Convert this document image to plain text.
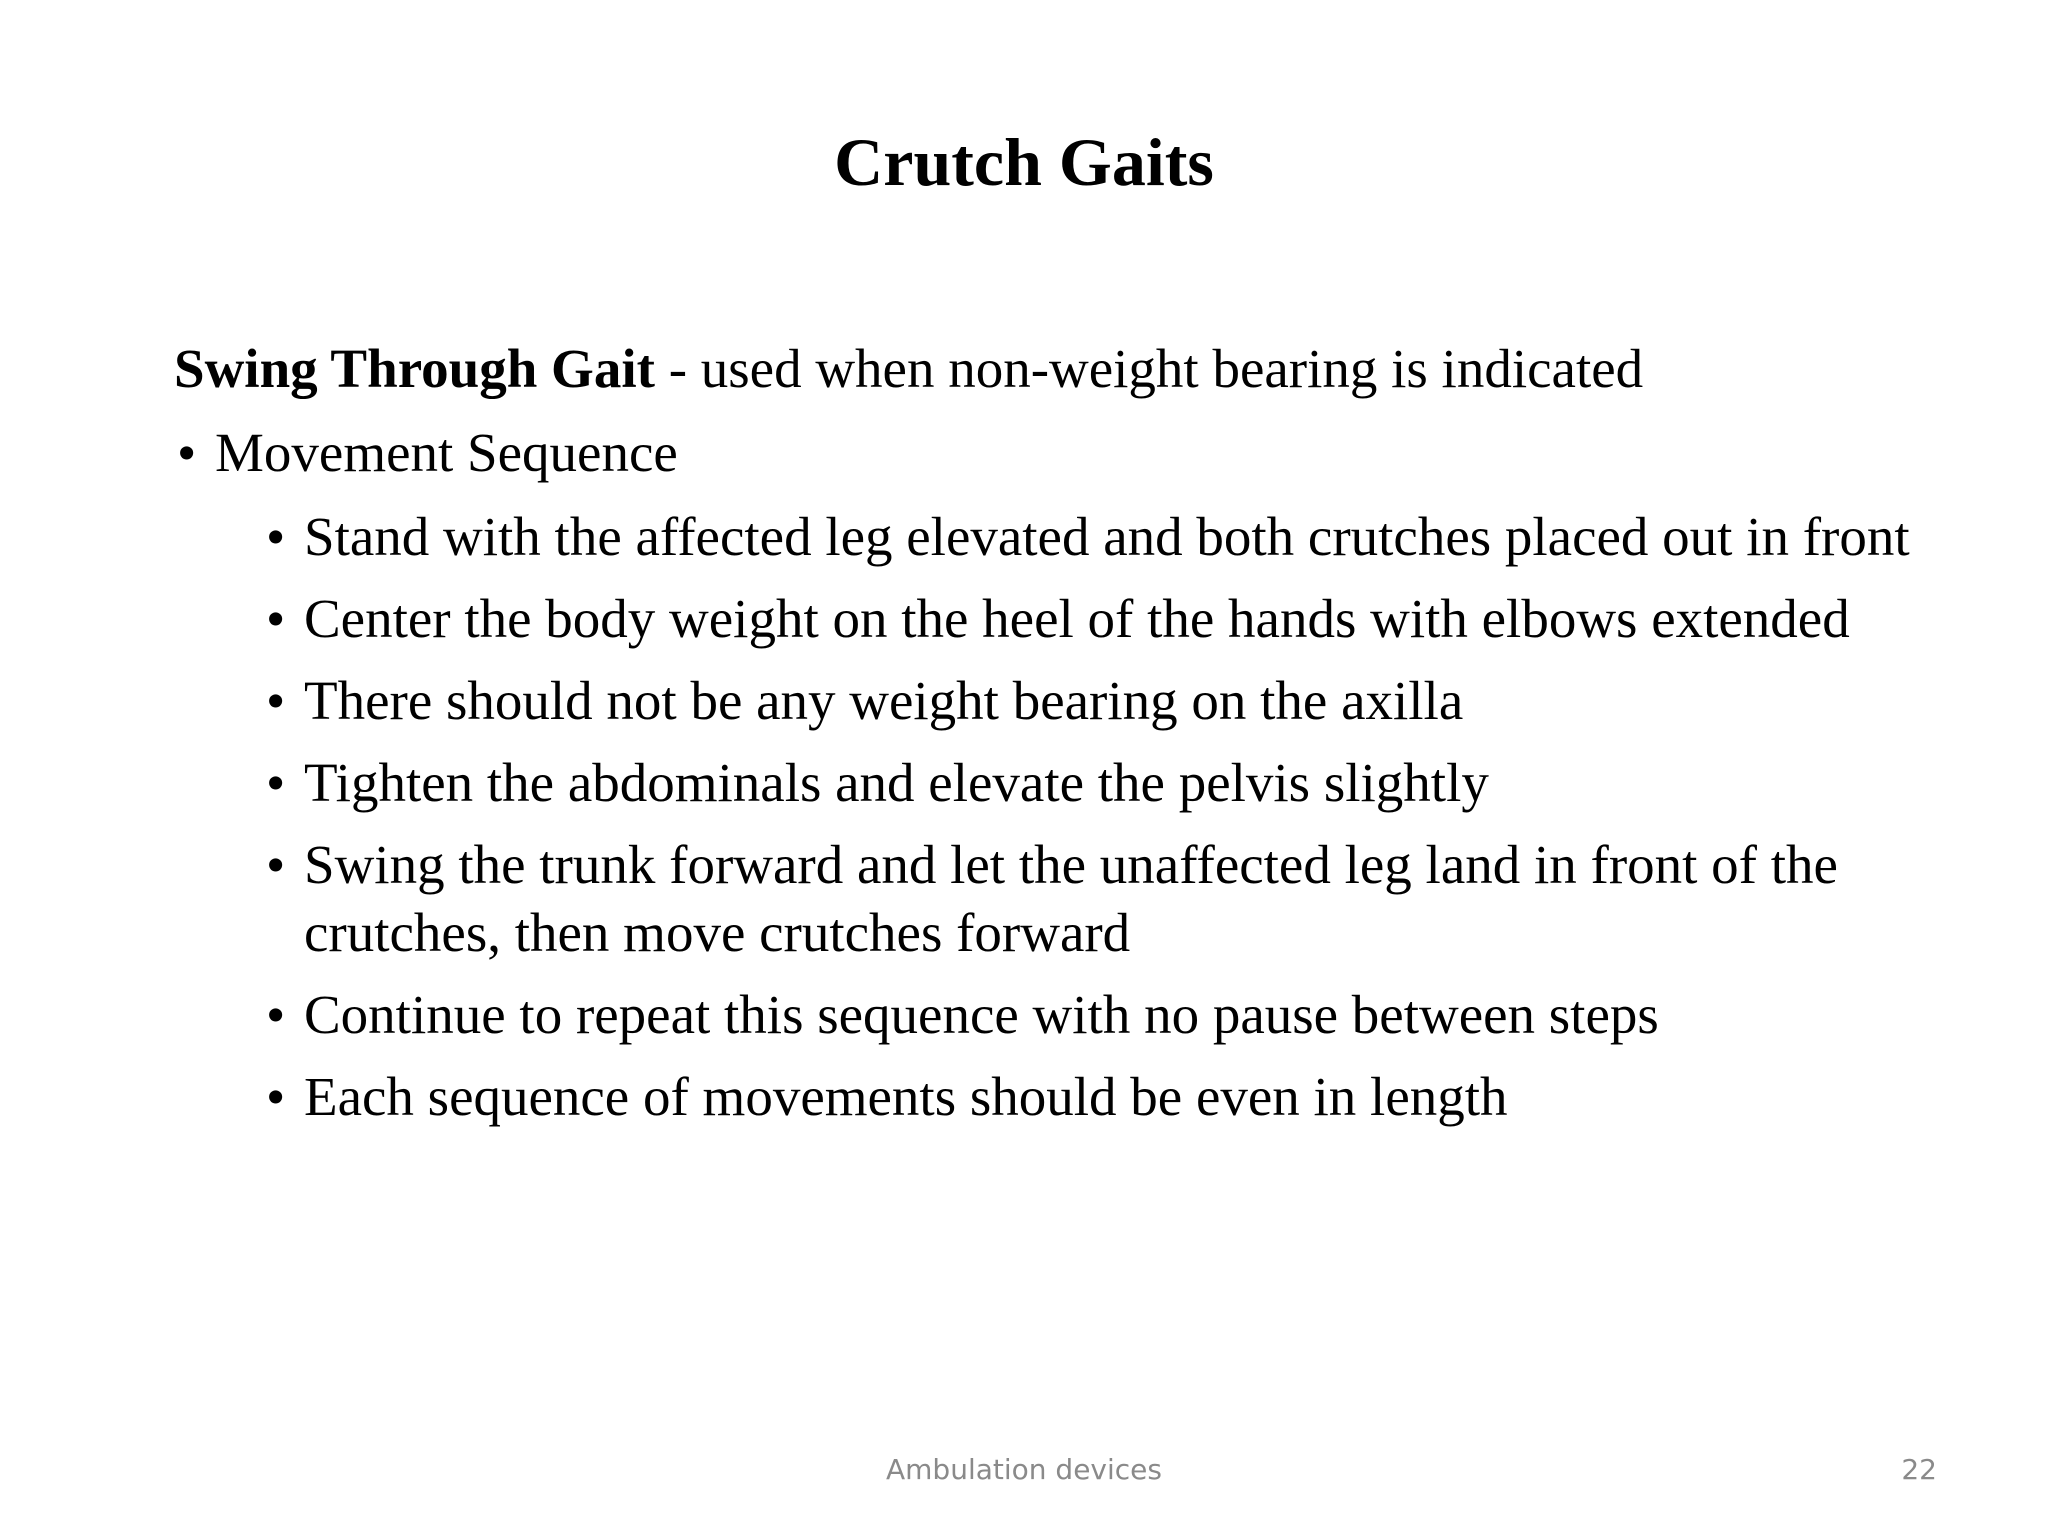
Crutch Gaits

Swing Through Gait - used when non-weight bearing is indicated

• Movement Sequence
• Stand with the affected leg elevated and both crutches placed out in front
• Center the body weight on the heel of the hands with elbows extended
• There should not be any weight bearing on the axilla
• Tighten the abdominals and elevate the pelvis slightly
• Swing the trunk forward and let the unaffected leg land in front of the crutches, then move crutches forward
• Continue to repeat this sequence with no pause between steps
• Each sequence of movements should be even in length
Ambulation devices	22
